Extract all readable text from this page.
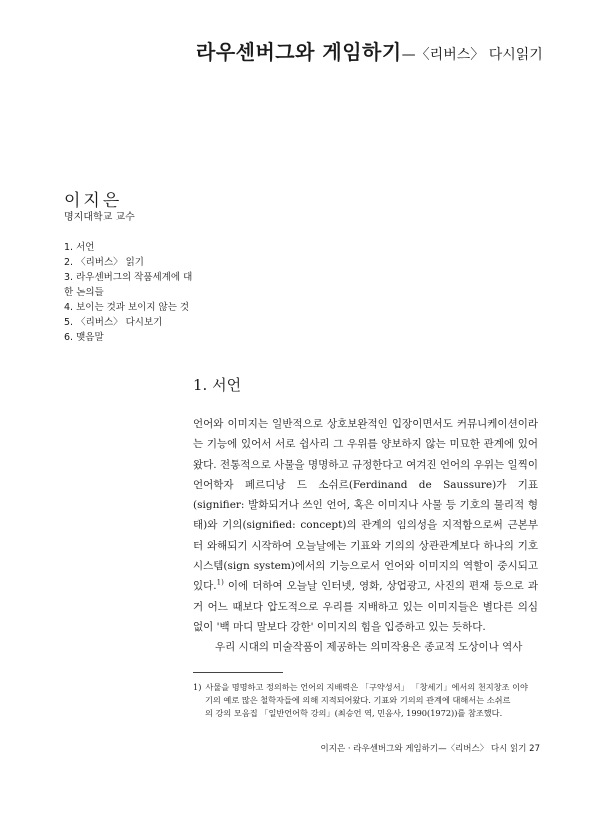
라우센버그와 게임하기—〈리버스〉 다시읽기
이지은
명지대학교 교수
1. 서언
2. 〈리버스〉 읽기
3. 라우센버그의 작품세계에 대
한 논의들
4. 보이는 것과 보이지 않는 것
5. 〈리버스〉 다시보기
6. 맺음말
1. 서언

언어와 이미지는 일반적으로 상호보완적인 입장이면서도 커뮤니케이션이라는 기능에 있어서 서로 쉽사리 그 우위를 양보하지 않는 미묘한 관계에 있어왔다. 전통적으로 사물을 명명하고 규정한다고 여겨진 언어의 우위는 일찍이 언어학자 페르디낭 드 소쉬르(Ferdinand de Saussure)가 기표(signifier: 발화되거나 쓰인 언어, 혹은 이미지나 사물 등 기호의 물리적 형태)와 기의(signified: concept)의 관계의 임의성을 지적함으로써 근본부터 와해되기 시작하여 오늘날에는 기표와 기의의 상관관계보다 하나의 기호시스템(sign system)에서의 기능으로서 언어와 이미지의 역할이 중시되고 있다.$^{1)}$ 이에 더하여 오늘날 인터넷, 영화, 상업광고, 사진의 편재 등으로 과거 어느 때보다 압도적으로 우리를 지배하고 있는 이미지들은 별다른 의심 없이 '백 마디 말보다 강한' 이미지의 힘을 입증하고 있는 듯하다.

우리 시대의 미술작품이 제공하는 의미작용은 종교적 도상이나 역사

1) 사물을 명명하고 정의하는 언어의 지배력은 「구약성서」 「창세기」에서의 천지창조 이야
기의 예로 많은 철학자들에 의해 지적되어왔다. 기표와 기의의 관계에 대해서는 소쉬르
의 강의 모음집 「일반언어학 강의」(최승언 역, 민음사, 1990(1972))를 참조했다.
이지은 · 라우센버그와 게임하기—〈리버스〉 다시 읽기 27
